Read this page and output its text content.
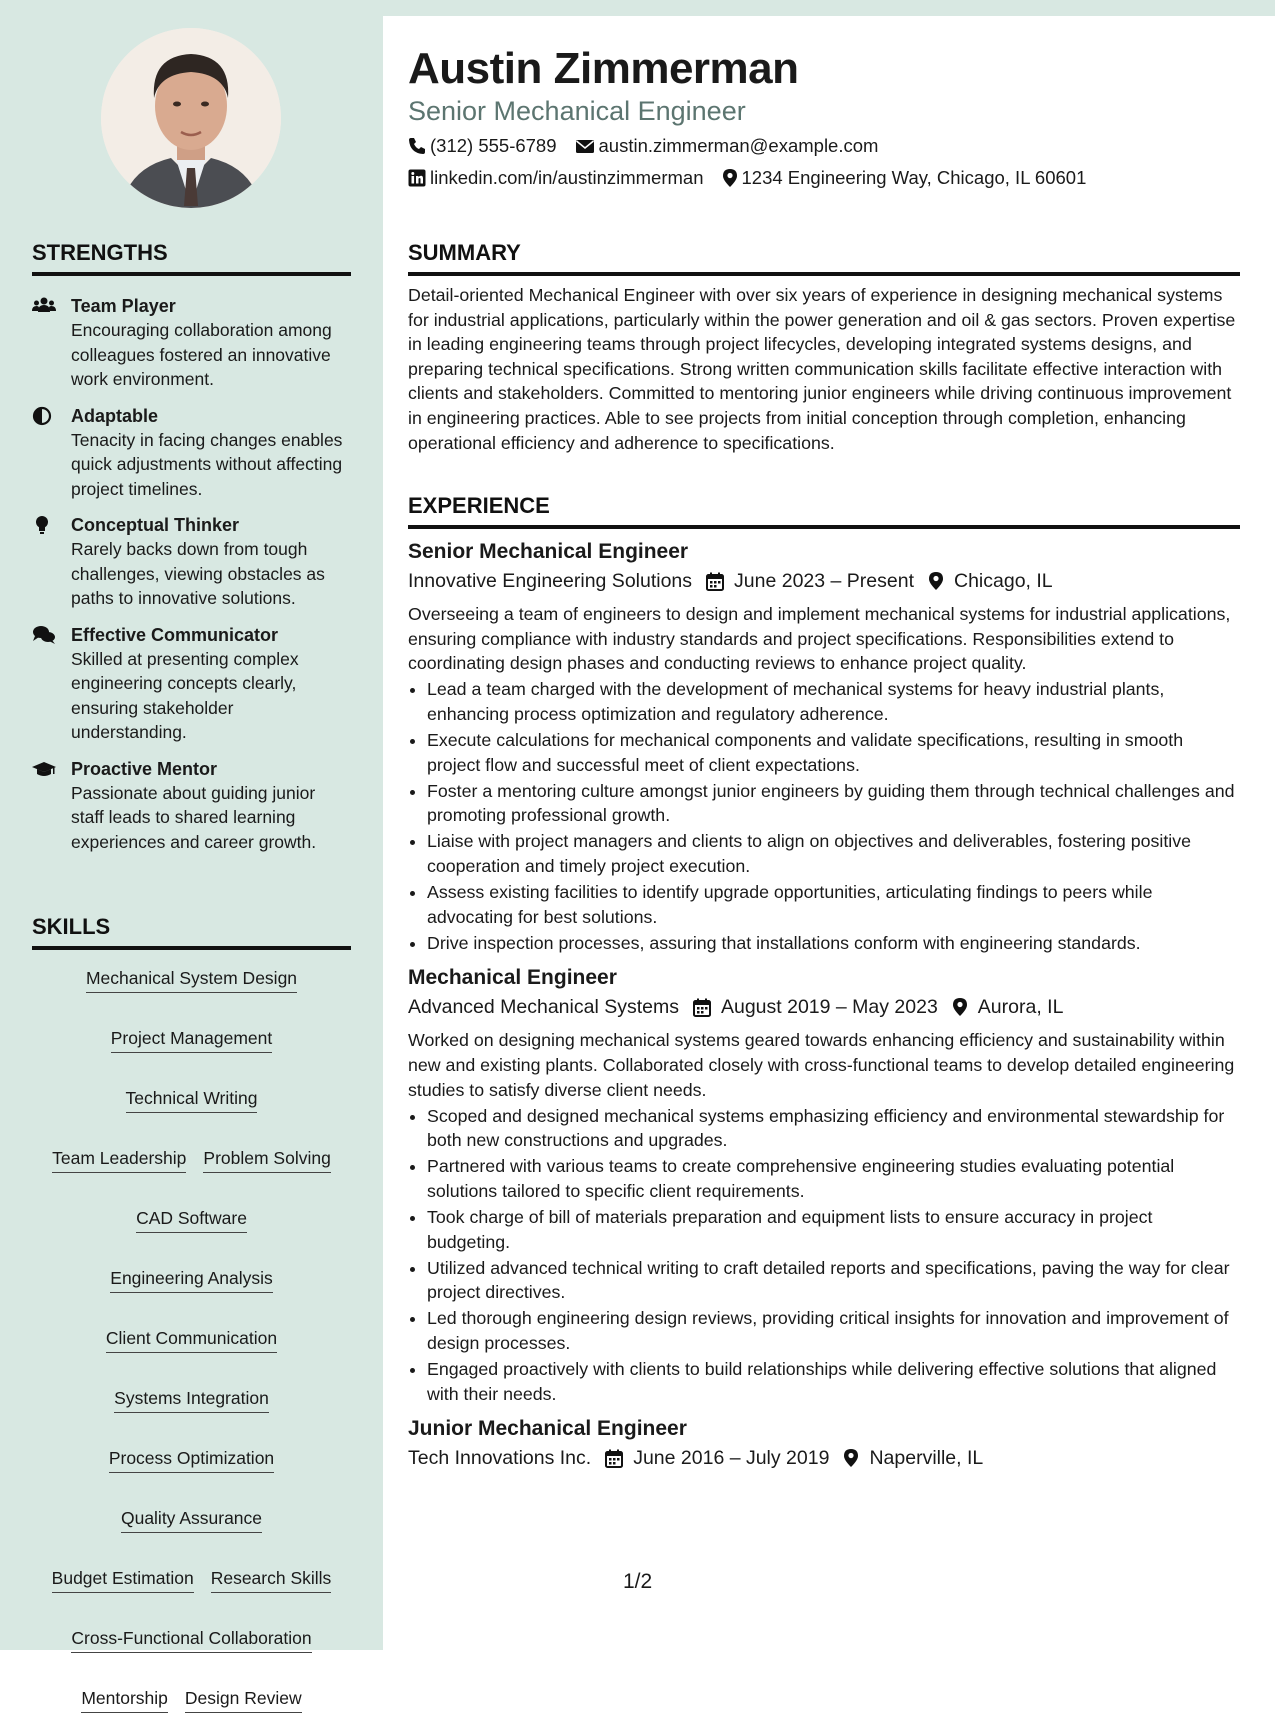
STRENGTHS
Team Player
Encouraging collaboration among colleagues fostered an innovative work environment.
Adaptable
Tenacity in facing changes enables quick adjustments without affecting project timelines.
Conceptual Thinker
Rarely backs down from tough challenges, viewing obstacles as paths to innovative solutions.
Effective Communicator
Skilled at presenting complex engineering concepts clearly, ensuring stakeholder understanding.
Proactive Mentor
Passionate about guiding junior staff leads to shared learning experiences and career growth.
SKILLS
Mechanical System Design
Project Management
Technical Writing
Team Leadership Problem Solving
CAD Software
Engineering Analysis
Client Communication
Systems Integration
Process Optimization
Quality Assurance
Budget Estimation Research Skills
Cross-Functional Collaboration
Mentorship Design Review
Austin Zimmerman
Senior Mechanical Engineer
(312) 555-6789 austin.zimmerman@example.com
linkedin.com/in/austinzimmerman 1234 Engineering Way, Chicago, IL 60601
SUMMARY
Detail-oriented Mechanical Engineer with over six years of experience in designing mechanical systems for industrial applications, particularly within the power generation and oil & gas sectors. Proven expertise in leading engineering teams through project lifecycles, developing integrated systems designs, and preparing technical specifications. Strong written communication skills facilitate effective interaction with clients and stakeholders. Committed to mentoring junior engineers while driving continuous improvement in engineering practices. Able to see projects from initial conception through completion, enhancing operational efficiency and adherence to specifications.
EXPERIENCE
Senior Mechanical Engineer
Innovative Engineering Solutions June 2023 – Present Chicago, IL
Overseeing a team of engineers to design and implement mechanical systems for industrial applications, ensuring compliance with industry standards and project specifications. Responsibilities extend to coordinating design phases and conducting reviews to enhance project quality.
• Lead a team charged with the development of mechanical systems for heavy industrial plants, enhancing process optimization and regulatory adherence.
• Execute calculations for mechanical components and validate specifications, resulting in smooth project flow and successful meet of client expectations.
• Foster a mentoring culture amongst junior engineers by guiding them through technical challenges and promoting professional growth.
• Liaise with project managers and clients to align on objectives and deliverables, fostering positive cooperation and timely project execution.
• Assess existing facilities to identify upgrade opportunities, articulating findings to peers while advocating for best solutions.
• Drive inspection processes, assuring that installations conform with engineering standards.
Mechanical Engineer
Advanced Mechanical Systems August 2019 – May 2023 Aurora, IL
Worked on designing mechanical systems geared towards enhancing efficiency and sustainability within new and existing plants. Collaborated closely with cross-functional teams to develop detailed engineering studies to satisfy diverse client needs.
• Scoped and designed mechanical systems emphasizing efficiency and environmental stewardship for both new constructions and upgrades.
• Partnered with various teams to create comprehensive engineering studies evaluating potential solutions tailored to specific client requirements.
• Took charge of bill of materials preparation and equipment lists to ensure accuracy in project budgeting.
• Utilized advanced technical writing to craft detailed reports and specifications, paving the way for clear project directives.
• Led thorough engineering design reviews, providing critical insights for innovation and improvement of design processes.
• Engaged proactively with clients to build relationships while delivering effective solutions that aligned with their needs.
Junior Mechanical Engineer
Tech Innovations Inc. June 2016 – July 2019 Naperville, IL
1/2
